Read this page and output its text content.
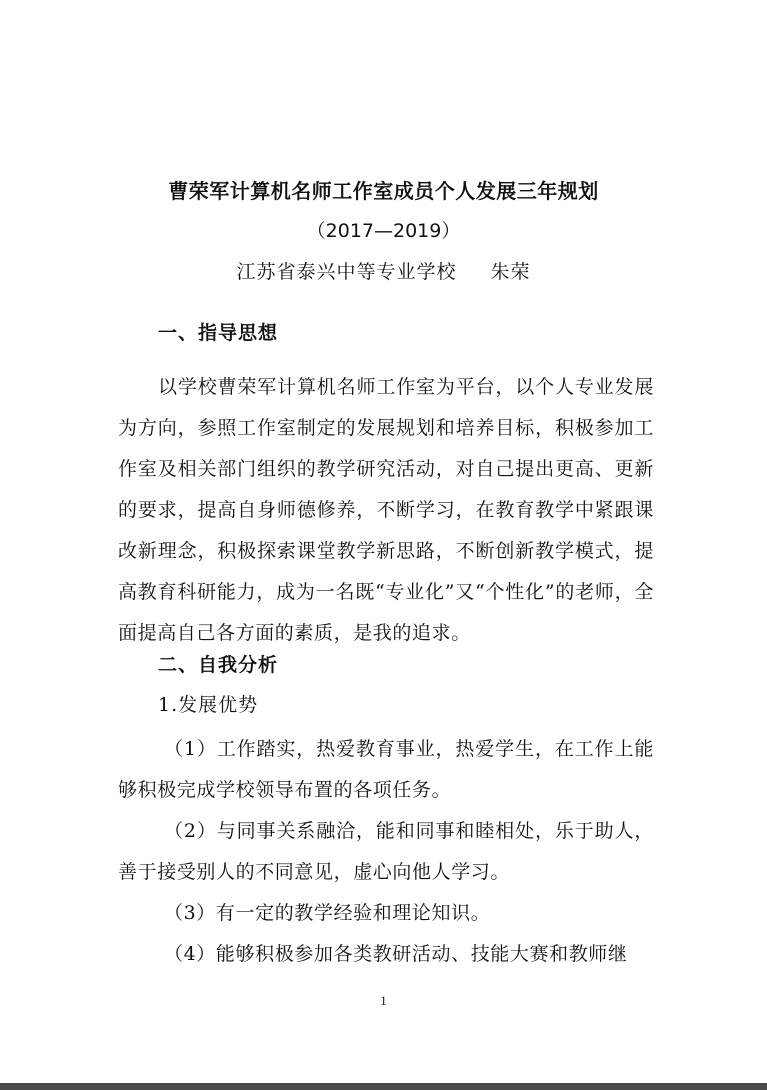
曹荣军计算机名师工作室成员个人发展三年规划
（2017—2019）
江苏省泰兴中等专业学校 朱荣
一、指导思想
以学校曹荣军计算机名师工作室为平台，以个人专业发展为方向，参照工作室制定的发展规划和培养目标，积极参加工作室及相关部门组织的教学研究活动，对自己提出更高、更新的要求，提高自身师德修养，不断学习，在教育教学中紧跟课改新理念，积极探索课堂教学新思路，不断创新教学模式，提高教育科研能力，成为一名既“专业化”又“个性化”的老师，全面提高自己各方面的素质，是我的追求。
二、自我分析
1.发展优势
（1）工作踏实，热爱教育事业，热爱学生，在工作上能够积极完成学校领导布置的各项任务。
（2）与同事关系融洽，能和同事和睦相处，乐于助人，善于接受别人的不同意见，虚心向他人学习。
（3）有一定的教学经验和理论知识。
（4）能够积极参加各类教研活动、技能大赛和教师继
1
